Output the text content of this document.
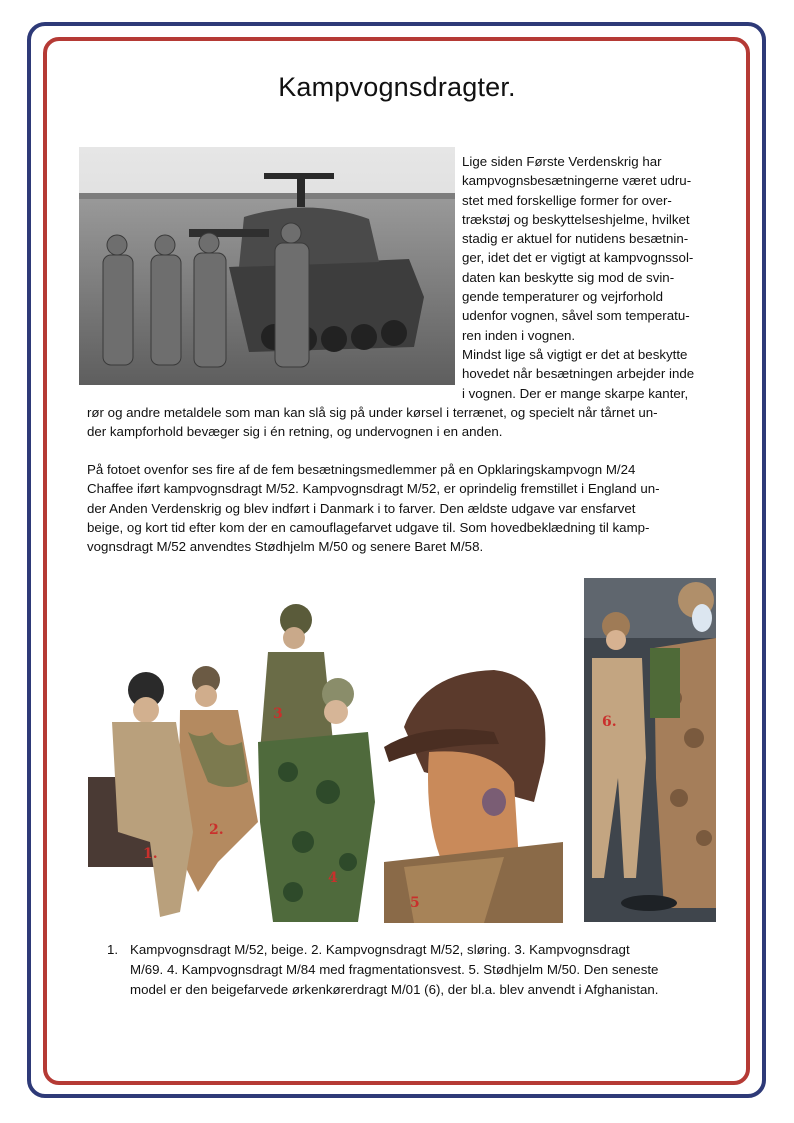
Kampvognsdragter.
Lige siden Første Verdenskrig har
kampvognsbesætningerne været udru-
stet med forskellige former for over-
trækstøj og beskyttelseshjelme, hvilket
stadig er aktuel for nutidens besætnin-
ger, idet det er vigtigt at kampvognssol-
daten kan beskytte sig mod de svin-
gende temperaturer og vejrforhold
udenfor vognen, såvel som temperatu-
ren inden i vognen.
Mindst lige så vigtigt er det at beskytte
hovedet når besætningen arbejder inde
i vognen. Der er mange skarpe kanter,
rør og andre metaldele som man kan slå sig på under kørsel i terrænet, og specielt når tårnet un-
der kampforhold bevæger sig i én retning, og undervognen i en anden.
På fotoet ovenfor ses fire af de fem besætningsmedlemmer på en Opklaringskampvogn M/24
Chaffee iført kampvognsdragt M/52. Kampvognsdragt M/52, er oprindelig fremstillet i England un-
der Anden Verdenskrig og blev indført i Danmark i to farver. Den ældste udgave var ensfarvet
beige, og kort tid efter kom der en camouflagefarvet udgave til. Som hovedbeklædning til kamp-
vognsdragt M/52 anvendtes Stødhjelm M/50 og senere Baret M/58.
1.
2.
3
4
5
6.
1. Kampvognsdragt M/52, beige. 2. Kampvognsdragt M/52, sløring. 3. Kampvognsdragt
M/69. 4. Kampvognsdragt M/84 med fragmentationsvest. 5. Stødhjelm M/50. Den seneste
model er den beigefarvede ørkenkørerdragt M/01 (6), der bl.a. blev anvendt i Afghanistan.
